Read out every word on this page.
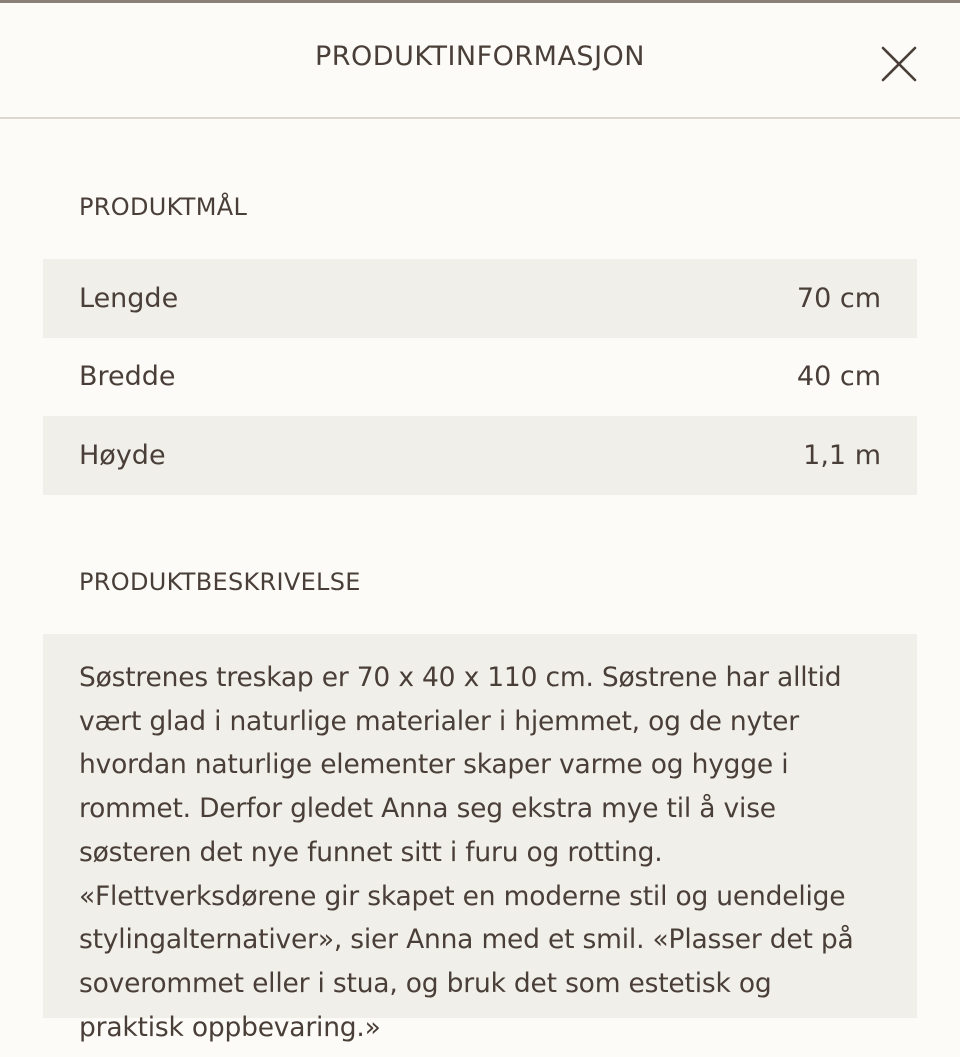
PRODUKTINFORMASJON
PRODUKTMÅL
Lengde	70 cm
Bredde	40 cm
Høyde	1,1 m
PRODUKTBESKRIVELSE

Søstrenes treskap er 70 x 40 x 110 cm. Søstrene har alltid vært glad i naturlige materialer i hjemmet, og de nyter hvordan naturlige elementer skaper varme og hygge i rommet. Derfor gledet Anna seg ekstra mye til å vise søsteren det nye funnet sitt i furu og rotting. «Flettverksdørene gir skapet en moderne stil og uendelige stylingalternativer», sier Anna med et smil. «Plasser det på soverommet eller i stua, og bruk det som estetisk og praktisk oppbevaring.»
